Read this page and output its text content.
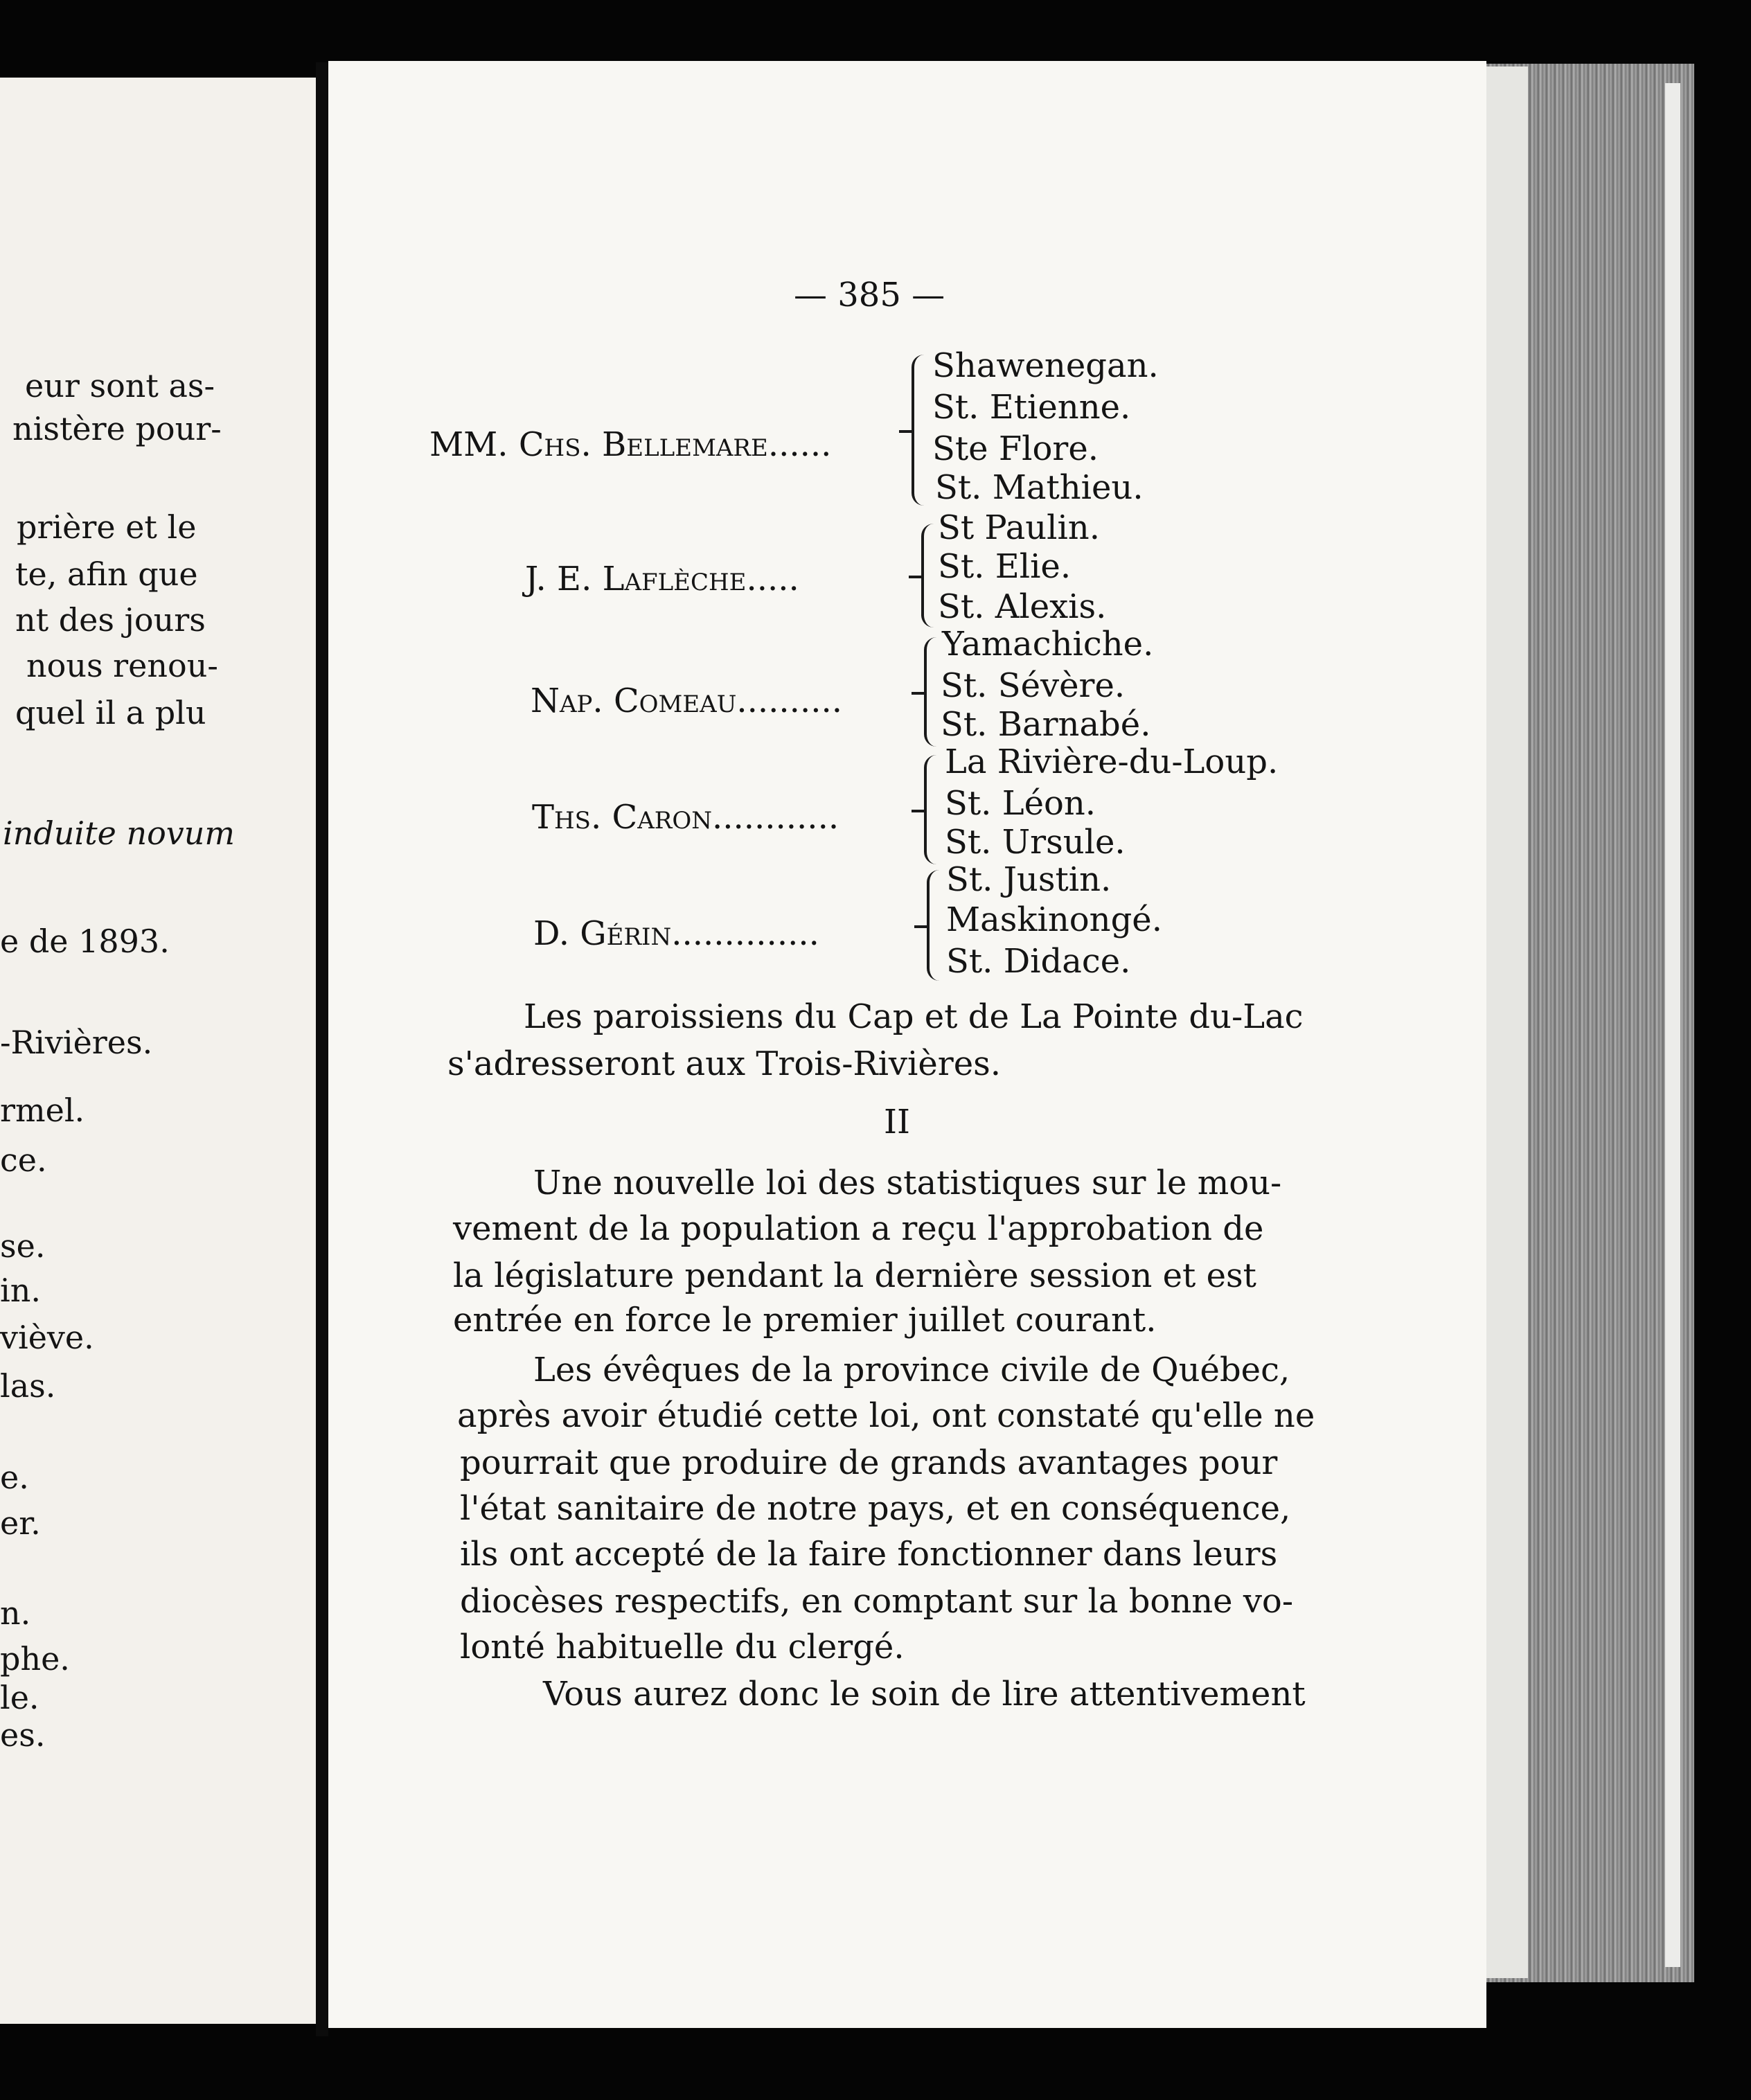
eur sont as-
nistère pour-
prière et le
te, afin que
nt des jours
nous renou-
quel il a plu
induite novum
e de 1893.
-Rivières.
rmel.
ce.
se.
in.
viève.
las.
e.
er.
n.
phe.
le.
es.
— 385 —
MM. Chs. Bellemare......
Shawenegan.
St. Etienne.
Ste Flore.
St. Mathieu.
J. E. Laflèche.....
St Paulin.
St. Elie.
St. Alexis.
Nap. Comeau..........
Yamachiche.
St. Sévère.
St. Barnabé.
Ths. Caron............
La Rivière-du-Loup.
St. Léon.
St. Ursule.
D. Gérin..............
St. Justin.
Maskinongé.
St. Didace.
Les paroissiens du Cap et de La Pointe du-Lac
s'adresseront aux Trois-Rivières.
II
Une nouvelle loi des statistiques sur le mou-
vement de la population a reçu l'approbation de
la législature pendant la dernière session et est
entrée en force le premier juillet courant.
Les évêques de la province civile de Québec,
après avoir étudié cette loi, ont constaté qu'elle ne
pourrait que produire de grands avantages pour
l'état sanitaire de notre pays, et en conséquence,
ils ont accepté de la faire fonctionner dans leurs
diocèses respectifs, en comptant sur la bonne vo-
lonté habituelle du clergé.
Vous aurez donc le soin de lire attentivement
